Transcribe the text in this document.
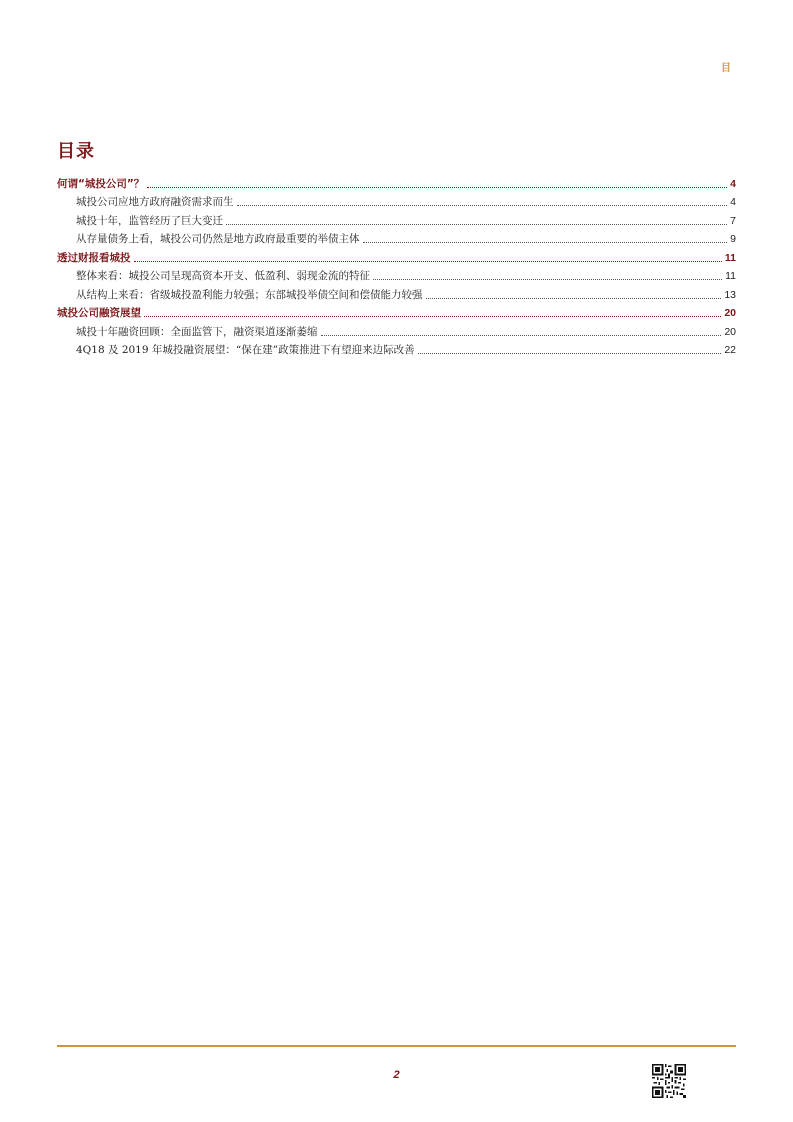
目
目录
何谓“城投公司”？	4
城投公司应地方政府融资需求而生	4
城投十年，监管经历了巨大变迁	7
从存量债务上看，城投公司仍然是地方政府最重要的举债主体	9
透过财报看城投	11
整体来看：城投公司呈现高资本开支、低盈利、弱现金流的特征	11
从结构上来看：省级城投盈利能力较强；东部城投举债空间和偿债能力较强	13
城投公司融资展望	20
城投十年融资回顾：全面监管下，融资渠道逐渐萎缩	20
4Q18 及 2019 年城投融资展望：“保在建”政策推进下有望迎来边际改善	22
2
